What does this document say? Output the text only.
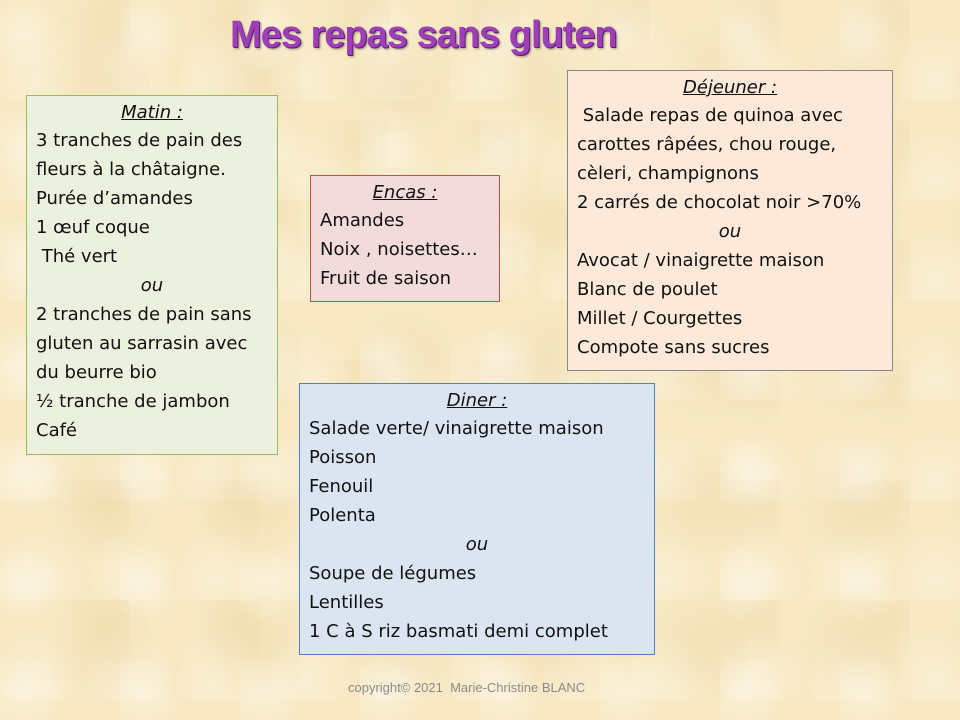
Mes repas sans gluten
Matin :
3 tranches de pain des
fleurs à la châtaigne.
Purée d’amandes
1 œuf coque
Thé vert
ou
2 tranches de pain sans
gluten au sarrasin avec
du beurre bio
½ tranche de jambon
Café
Encas :
Amandes
Noix , noisettes…
Fruit de saison
Déjeuner :
Salade repas de quinoa avec
carottes râpées, chou rouge,
cèleri, champignons
2 carrés de chocolat noir >70%
ou
Avocat / vinaigrette maison
Blanc de poulet
Millet / Courgettes
Compote sans sucres
Diner :
Salade verte/ vinaigrette maison
Poisson
Fenouil
Polenta
ou
Soupe de légumes
Lentilles
1 C à S riz basmati demi complet
copyright© 2021  Marie-Christine BLANC
